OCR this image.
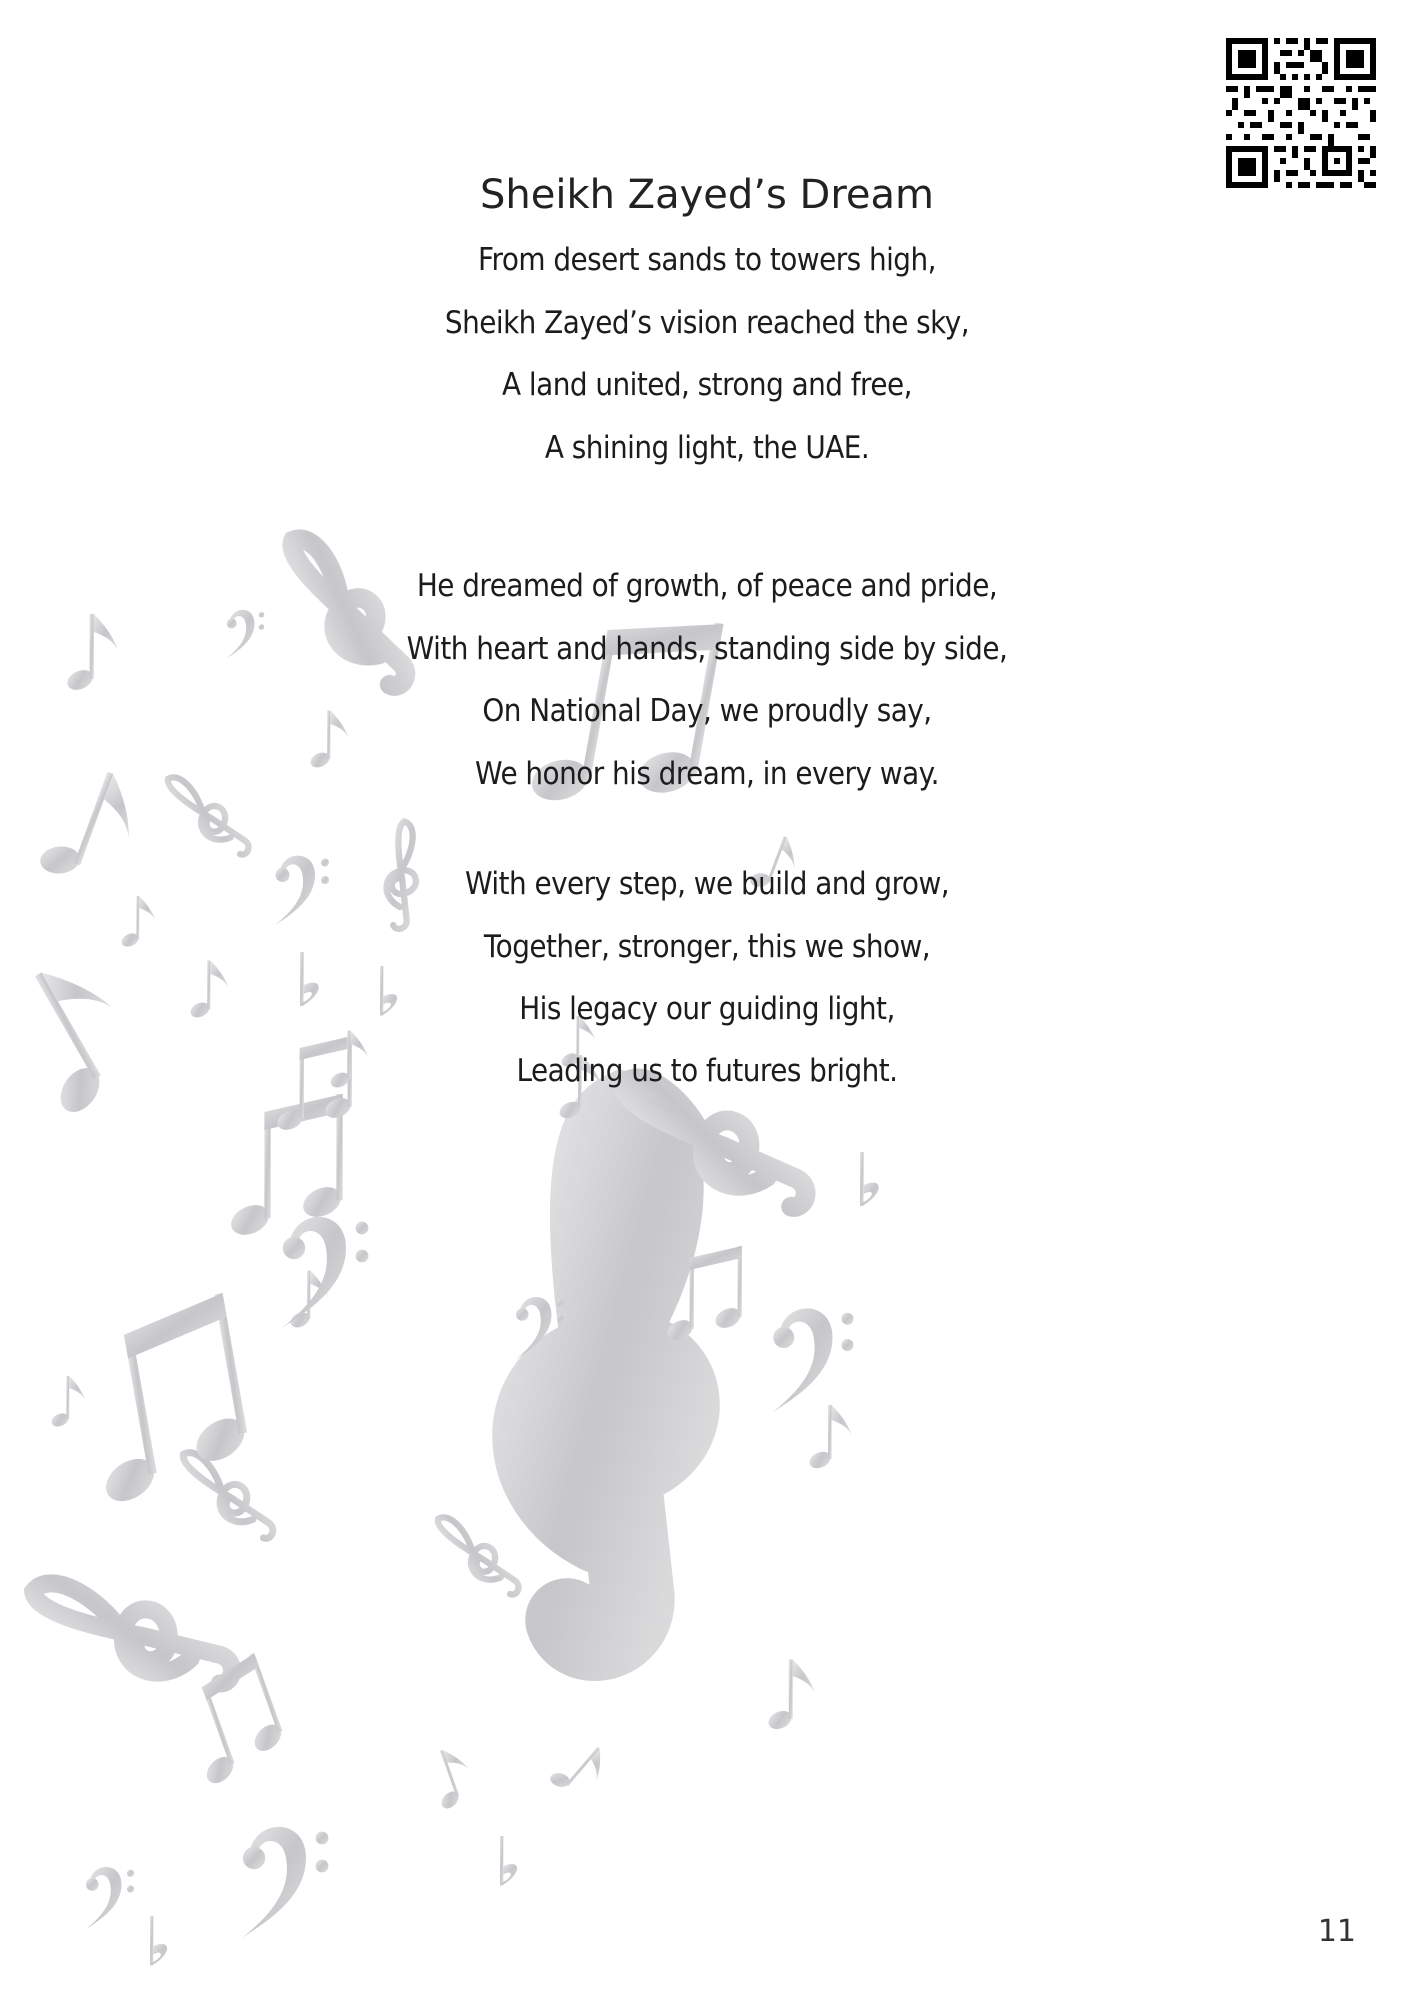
Sheikh Zayed’s Dream
From desert sands to towers high,
Sheikh Zayed’s vision reached the sky,
A land united, strong and free,
A shining light, the UAE.
He dreamed of growth, of peace and pride,
With heart and hands, standing side by side,
On National Day, we proudly say,
We honor his dream, in every way.
With every step, we build and grow,
Together, stronger, this we show,
His legacy our guiding light,
Leading us to futures bright.
11
